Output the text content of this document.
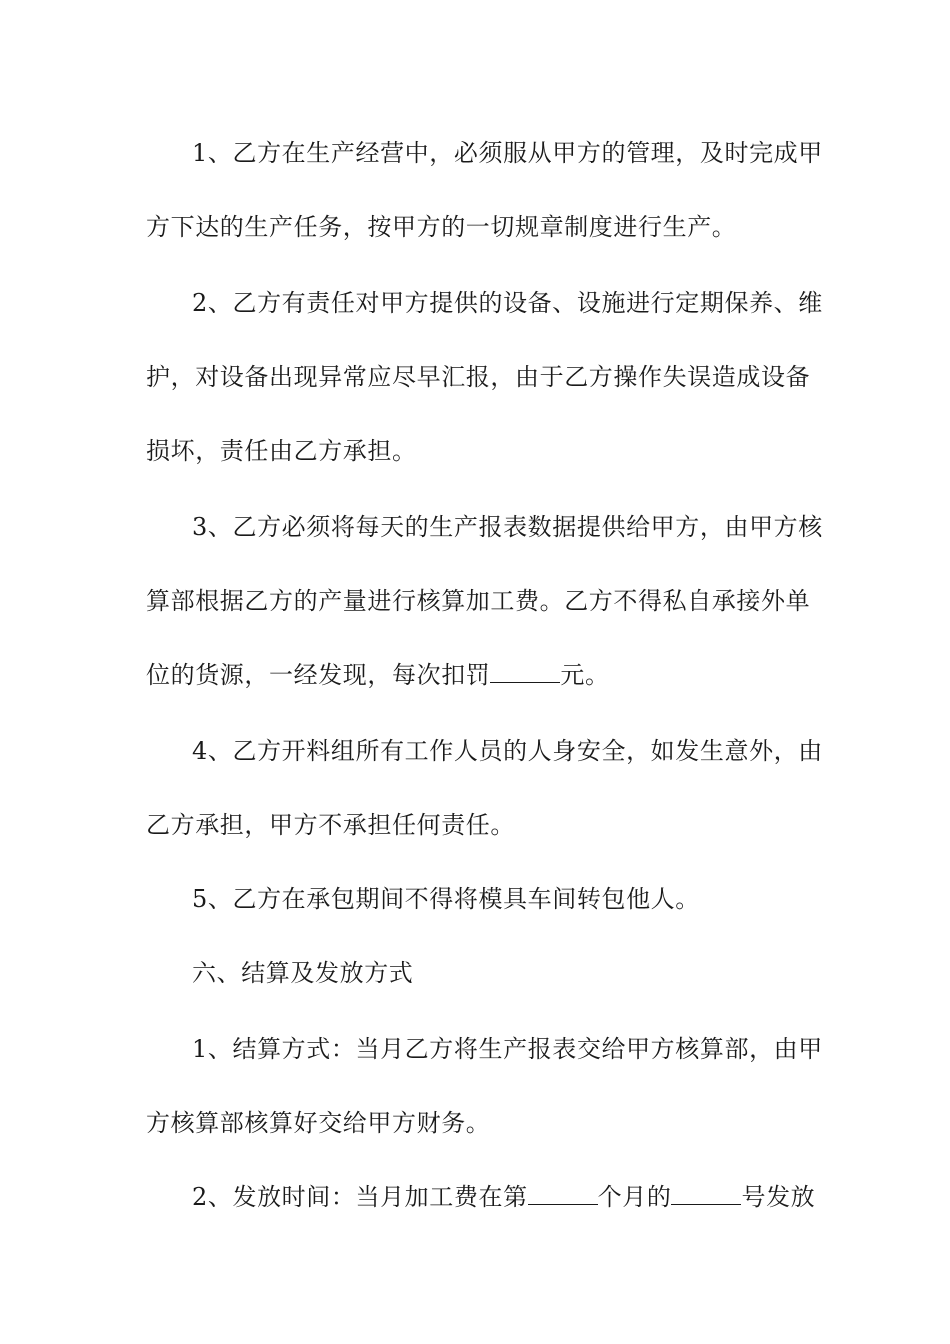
1、乙方在生产经营中，必须服从甲方的管理，及时完成甲
方下达的生产任务，按甲方的一切规章制度进行生产。
2、乙方有责任对甲方提供的设备、设施进行定期保养、维
护，对设备出现异常应尽早汇报，由于乙方操作失误造成设备
损坏，责任由乙方承担。
3、乙方必须将每天的生产报表数据提供给甲方，由甲方核
算部根据乙方的产量进行核算加工费。乙方不得私自承接外单
位的货源，一经发现，每次扣罚	元。
4、乙方开料组所有工作人员的人身安全，如发生意外，由
乙方承担，甲方不承担任何责任。
5、乙方在承包期间不得将模具车间转包他人。
六、结算及发放方式
1、结算方式：当月乙方将生产报表交给甲方核算部，由甲
方核算部核算好交给甲方财务。
2、发放时间：当月加工费在第	个月的	号发放
